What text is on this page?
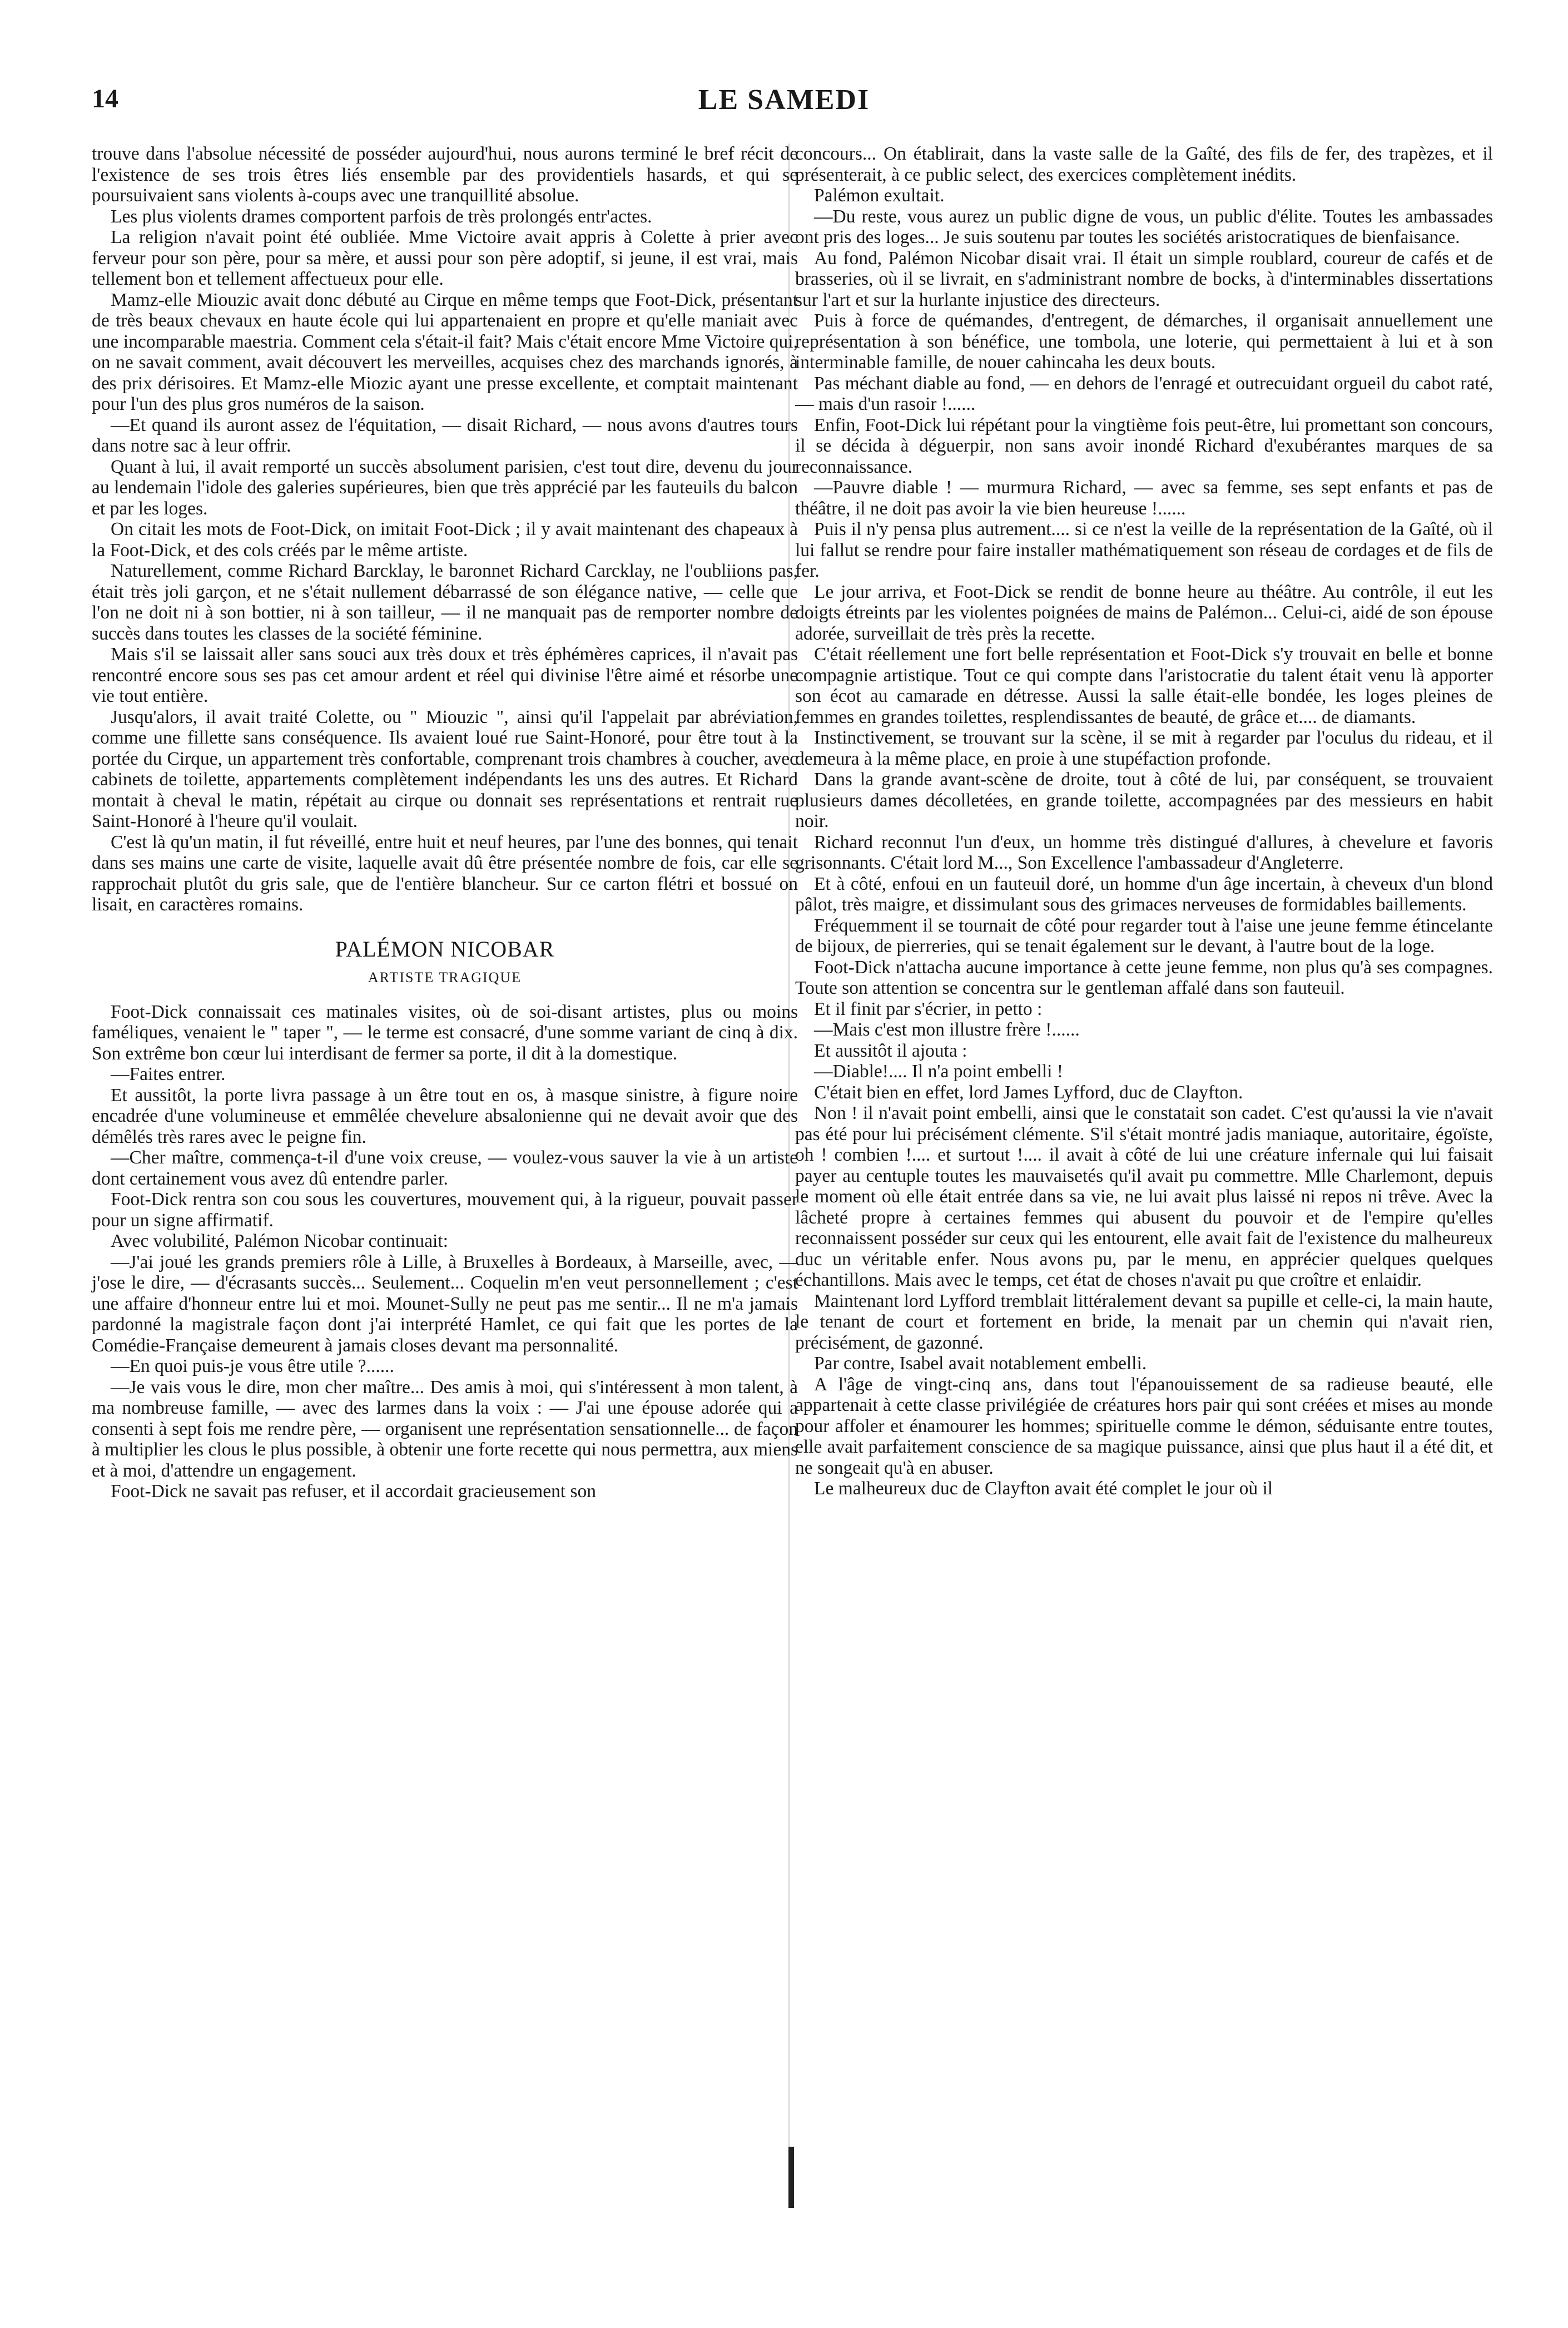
14	LE SAMEDI

trouve dans l'absolue nécessité de posséder aujourd'hui, nous aurons terminé le bref récit de l'existence de ses trois êtres liés ensemble par des providentiels hasards, et qui se poursuivaient sans violents à-coups avec une tranquillité absolue.

Les plus violents drames comportent parfois de très prolongés entr'actes.

La religion n'avait point été oubliée. Mme Victoire avait appris à Colette à prier avec ferveur pour son père, pour sa mère, et aussi pour son père adoptif, si jeune, il est vrai, mais tellement bon et tellement affectueux pour elle.

Mamz-elle Miouzic avait donc débuté au Cirque en même temps que Foot-Dick, présentant de très beaux chevaux en haute école qui lui appartenaient en propre et qu'elle maniait avec une incomparable maestria. Comment cela s'était-il fait? Mais c'était encore Mme Victoire qui, on ne savait comment, avait découvert les merveilles, acquises chez des marchands ignorés, à des prix dérisoires. Et Mamz-elle Miozic ayant une presse excellente, et comptait maintenant pour l'un des plus gros numéros de la saison.

—Et quand ils auront assez de l'équitation, — disait Richard, — nous avons d'autres tours dans notre sac à leur offrir.

Quant à lui, il avait remporté un succès absolument parisien, c'est tout dire, devenu du jour au lendemain l'idole des galeries supérieures, bien que très apprécié par les fauteuils du balcon et par les loges.

On citait les mots de Foot-Dick, on imitait Foot-Dick ; il y avait maintenant des chapeaux à la Foot-Dick, et des cols créés par le même artiste.

Naturellement, comme Richard Barcklay, le baronnet Richard Carcklay, ne l'oubliions pas, était très joli garçon, et ne s'était nullement débarrassé de son élégance native, — celle que l'on ne doit ni à son bottier, ni à son tailleur, — il ne manquait pas de remporter nombre de succès dans toutes les classes de la société féminine.

Mais s'il se laissait aller sans souci aux très doux et très éphémères caprices, il n'avait pas rencontré encore sous ses pas cet amour ardent et réel qui divinise l'être aimé et résorbe une vie tout entière.

Jusqu'alors, il avait traité Colette, ou " Miouzic ", ainsi qu'il l'appelait par abréviation, comme une fillette sans conséquence. Ils avaient loué rue Saint-Honoré, pour être tout à la portée du Cirque, un appartement très confortable, comprenant trois chambres à coucher, avec cabinets de toilette, appartements complètement indépendants les uns des autres. Et Richard montait à cheval le matin, répétait au cirque ou donnait ses représentations et rentrait rue Saint-Honoré à l'heure qu'il voulait.

C'est là qu'un matin, il fut réveillé, entre huit et neuf heures, par l'une des bonnes, qui tenait dans ses mains une carte de visite, laquelle avait dû être présentée nombre de fois, car elle se rapprochait plutôt du gris sale, que de l'entière blancheur. Sur ce carton flétri et bossué on lisait, en caractères romains.

PALÉMON NICOBAR
ARTISTE TRAGIQUE

Foot-Dick connaissait ces matinales visites, où de soi-disant artistes, plus ou moins faméliques, venaient le " taper ", — le terme est consacré, d'une somme variant de cinq à dix. Son extrême bon cœur lui interdisant de fermer sa porte, il dit à la domestique.

—Faites entrer.

Et aussitôt, la porte livra passage à un être tout en os, à masque sinistre, à figure noire encadrée d'une volumineuse et emmêlée chevelure absalonienne qui ne devait avoir que des démêlés très rares avec le peigne fin.

—Cher maître, commença-t-il d'une voix creuse, — voulez-vous sauver la vie à un artiste dont certainement vous avez dû entendre parler.

Foot-Dick rentra son cou sous les couvertures, mouvement qui, à la rigueur, pouvait passer pour un signe affirmatif.

Avec volubilité, Palémon Nicobar continuait:

—J'ai joué les grands premiers rôle à Lille, à Bruxelles à Bordeaux, à Marseille, avec, — j'ose le dire, — d'écrasants succès... Seulement... Coquelin m'en veut personnellement ; c'est une affaire d'honneur entre lui et moi. Mounet-Sully ne peut pas me sentir... Il ne m'a jamais pardonné la magistrale façon dont j'ai interprété Hamlet, ce qui fait que les portes de la Comédie-Française demeurent à jamais closes devant ma personnalité.

—En quoi puis-je vous être utile ?......

—Je vais vous le dire, mon cher maître... Des amis à moi, qui s'intéressent à mon talent, à ma nombreuse famille, — avec des larmes dans la voix : — J'ai une épouse adorée qui a consenti à sept fois me rendre père, — organisent une représentation sensationnelle... de façon à multiplier les clous le plus possible, à obtenir une forte recette qui nous permettra, aux miens et à moi, d'attendre un engagement.

Foot-Dick ne savait pas refuser, et il accordait gracieusement son

concours... On établirait, dans la vaste salle de la Gaîté, des fils de fer, des trapèzes, et il présenterait, à ce public select, des exercices complètement inédits.

Palémon exultait.

—Du reste, vous aurez un public digne de vous, un public d'élite. Toutes les ambassades ont pris des loges... Je suis soutenu par toutes les sociétés aristocratiques de bienfaisance.

Au fond, Palémon Nicobar disait vrai. Il était un simple roublard, coureur de cafés et de brasseries, où il se livrait, en s'administrant nombre de bocks, à d'interminables dissertations sur l'art et sur la hurlante injustice des directeurs.

Puis à force de quémandes, d'entregent, de démarches, il organisait annuellement une représentation à son bénéfice, une tombola, une loterie, qui permettaient à lui et à son interminable famille, de nouer cahincaha les deux bouts.

Pas méchant diable au fond, — en dehors de l'enragé et outrecuidant orgueil du cabot raté, — mais d'un rasoir !......

Enfin, Foot-Dick lui répétant pour la vingtième fois peut-être, lui promettant son concours, il se décida à déguerpir, non sans avoir inondé Richard d'exubérantes marques de sa reconnaissance.

—Pauvre diable ! — murmura Richard, — avec sa femme, ses sept enfants et pas de théâtre, il ne doit pas avoir la vie bien heureuse !......

Puis il n'y pensa plus autrement.... si ce n'est la veille de la représentation de la Gaîté, où il lui fallut se rendre pour faire installer mathématiquement son réseau de cordages et de fils de fer.

Le jour arriva, et Foot-Dick se rendit de bonne heure au théâtre. Au contrôle, il eut les doigts étreints par les violentes poignées de mains de Palémon... Celui-ci, aidé de son épouse adorée, surveillait de très près la recette.

C'était réellement une fort belle représentation et Foot-Dick s'y trouvait en belle et bonne compagnie artistique. Tout ce qui compte dans l'aristocratie du talent était venu là apporter son écot au camarade en détresse. Aussi la salle était-elle bondée, les loges pleines de femmes en grandes toilettes, resplendissantes de beauté, de grâce et.... de diamants.

Instinctivement, se trouvant sur la scène, il se mit à regarder par l'oculus du rideau, et il demeura à la même place, en proie à une stupéfaction profonde.

Dans la grande avant-scène de droite, tout à côté de lui, par conséquent, se trouvaient plusieurs dames décolletées, en grande toilette, accompagnées par des messieurs en habit noir.

Richard reconnut l'un d'eux, un homme très distingué d'allures, à chevelure et favoris grisonnants. C'était lord M..., Son Excellence l'ambassadeur d'Angleterre.

Et à côté, enfoui en un fauteuil doré, un homme d'un âge incertain, à cheveux d'un blond pâlot, très maigre, et dissimulant sous des grimaces nerveuses de formidables baillements.

Fréquemment il se tournait de côté pour regarder tout à l'aise une jeune femme étincelante de bijoux, de pierreries, qui se tenait également sur le devant, à l'autre bout de la loge.

Foot-Dick n'attacha aucune importance à cette jeune femme, non plus qu'à ses compagnes. Toute son attention se concentra sur le gentleman affalé dans son fauteuil.

Et il finit par s'écrier, in petto :

—Mais c'est mon illustre frère !......

Et aussitôt il ajouta :

—Diable!.... Il n'a point embelli !

C'était bien en effet, lord James Lyfford, duc de Clayfton.

Non ! il n'avait point embelli, ainsi que le constatait son cadet. C'est qu'aussi la vie n'avait pas été pour lui précisément clémente. S'il s'était montré jadis maniaque, autoritaire, égoïste, oh ! combien !.... et surtout !.... il avait à côté de lui une créature infernale qui lui faisait payer au centuple toutes les mauvaisetés qu'il avait pu commettre. Mlle Charlemont, depuis le moment où elle était entrée dans sa vie, ne lui avait plus laissé ni repos ni trêve. Avec la lâcheté propre à certaines femmes qui abusent du pouvoir et de l'empire qu'elles reconnaissent posséder sur ceux qui les entourent, elle avait fait de l'existence du malheureux duc un véritable enfer. Nous avons pu, par le menu, en apprécier quelques quelques échantillons. Mais avec le temps, cet état de choses n'avait pu que croître et enlaidir.

Maintenant lord Lyfford tremblait littéralement devant sa pupille et celle-ci, la main haute, le tenant de court et fortement en bride, la menait par un chemin qui n'avait rien, précisément, de gazonné.

Par contre, Isabel avait notablement embelli.

A l'âge de vingt-cinq ans, dans tout l'épanouissement de sa radieuse beauté, elle appartenait à cette classe privilégiée de créatures hors pair qui sont créées et mises au monde pour affoler et énamourer les hommes; spirituelle comme le démon, séduisante entre toutes, elle avait parfaitement conscience de sa magique puissance, ainsi que plus haut il a été dit, et ne songeait qu'à en abuser.

Le malheureux duc de Clayfton avait été complet le jour où il
